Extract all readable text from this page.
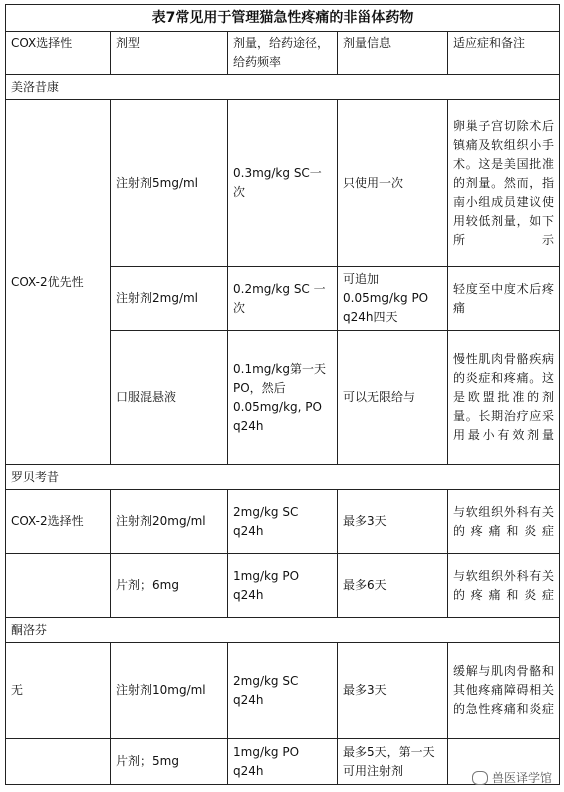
表7常见用于管理猫急性疼痛的非甾体药物				
COX选择性	剂型	剂量，给药途径，给药频率	剂量信息	适应症和备注
美洛昔康				
COX-2优先性	注射剂5mg/ml	0.3mg/kg SC一次	只使用一次	卵巢子宫切除术后镇痛及软组织小手术。这是美国批准的剂量。然而，指南小组成员建议使用较低剂量，如下所示
	注射剂2mg/ml	0.2mg/kg SC 一次	可追加0.05mg/kg PO q24h四天	轻度至中度术后疼痛
	口服混悬液	0.1mg/kg第一天PO，然后0.05mg/kg, PO q24h	可以无限给与	慢性肌肉骨骼疾病的炎症和疼痛。这是欧盟批准的剂量。长期治疗应采用最小有效剂量
罗贝考昔				
COX-2选择性	注射剂20mg/ml	2mg/kg SC q24h	最多3天	与软组织外科有关的疼痛和炎症
	片剂；6mg	1mg/kg PO q24h	最多6天	与软组织外科有关的疼痛和炎症
酮洛芬				
无	注射剂10mg/ml	2mg/kg SC q24h	最多3天	缓解与肌肉骨骼和其他疼痛障碍相关的急性疼痛和炎症
	片剂；5mg	1mg/kg PO q24h	最多5天，第一天可用注射剂	
兽医译学馆
